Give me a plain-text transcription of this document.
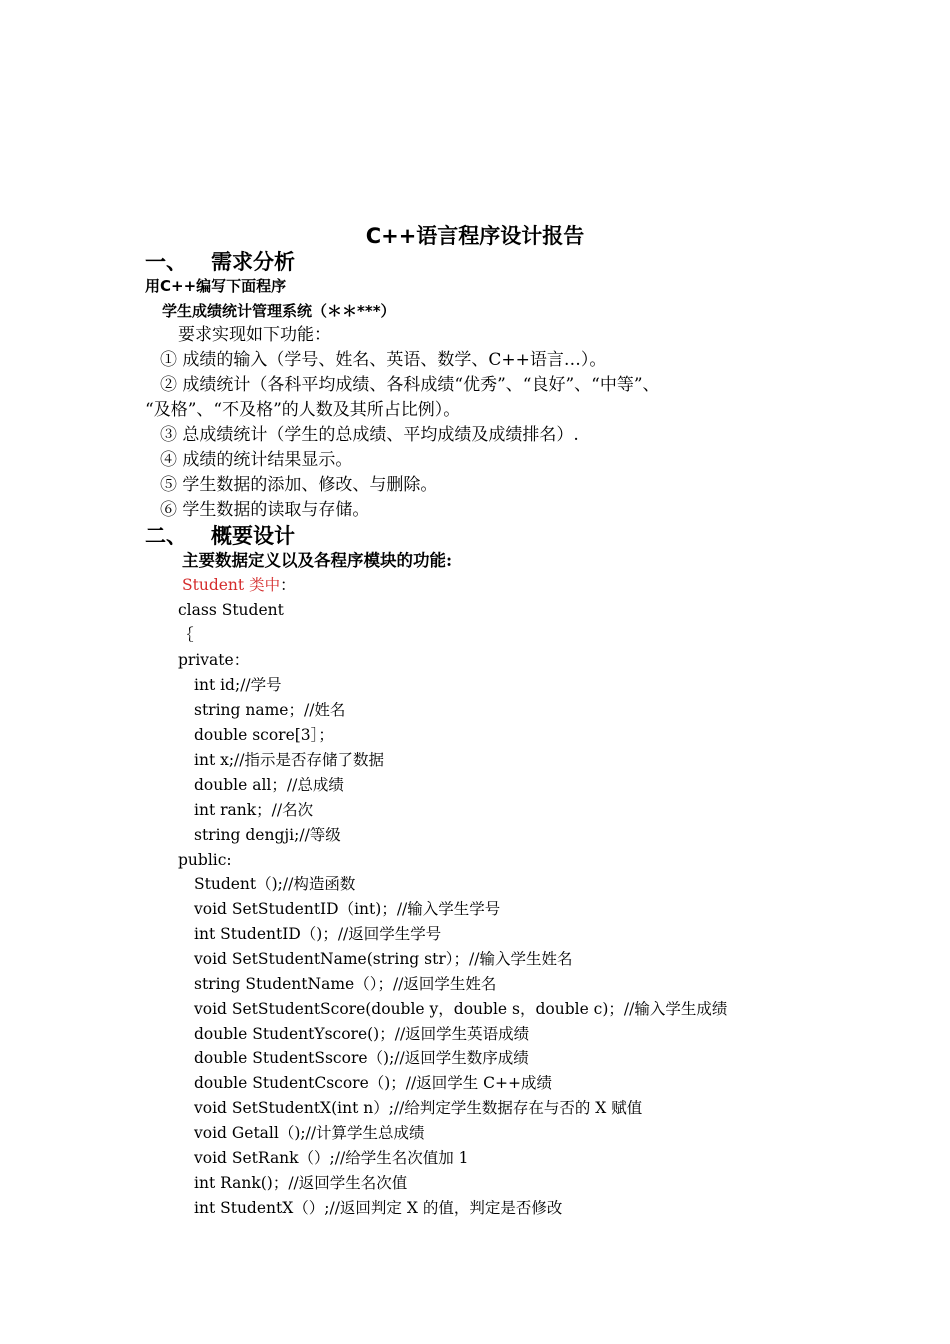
C++语言程序设计报告
一、 需求分析
用C++编写下面程序
学生成绩统计管理系统（＊＊***）
要求实现如下功能：
① 成绩的输入（学号、姓名、英语、数学、C++语言…）。
② 成绩统计（各科平均成绩、各科成绩“优秀”、“良好”、“中等”、
“及格”、“不及格”的人数及其所占比例）。
③ 总成绩统计（学生的总成绩、平均成绩及成绩排名）.
④ 成绩的统计结果显示。
⑤ 学生数据的添加、修改、与删除。
⑥ 学生数据的读取与存储。
二、 概要设计
主要数据定义以及各程序模块的功能:
Student 类中：
class Student
｛
private：
int id;//学号
string name；//姓名
double score[3］；
int x;//指示是否存储了数据
double all；//总成绩
int rank；//名次
string dengji;//等级
public:
Student（);//构造函数
void SetStudentID（int)；//输入学生学号
int StudentID（)；//返回学生学号
void SetStudentName(string str）；//输入学生姓名
string StudentName（）；//返回学生姓名
void SetStudentScore(double y，double s，double c)；//输入学生成绩
double StudentYscore()；//返回学生英语成绩
double StudentSscore（);//返回学生数序成绩
double StudentCscore（)；//返回学生 C++成绩
void SetStudentX(int n）;//给判定学生数据存在与否的 X 赋值
void Getall（);//计算学生总成绩
void SetRank（）;//给学生名次值加 1
int Rank()；//返回学生名次值
int StudentX（）;//返回判定 X 的值，判定是否修改
